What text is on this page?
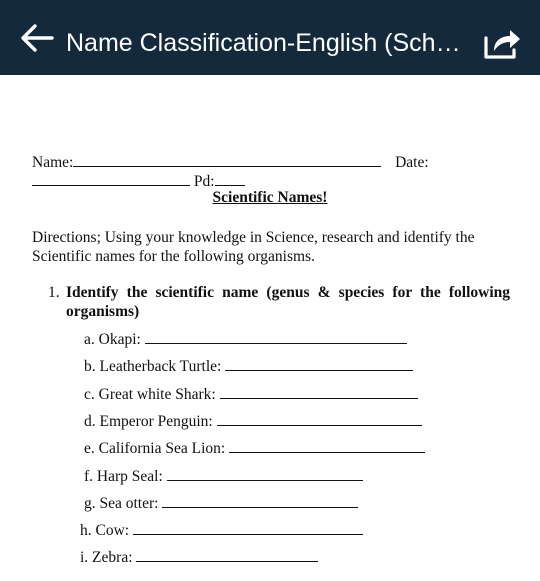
Name Classification-English (Sch…
Name:	Date:
Pd:
Scientific Names!
Directions; Using your knowledge in Science, research and identify the Scientific names for the following organisms.
1. Identify the scientific name (genus & species for the following organisms)
a. Okapi:
b. Leatherback Turtle:
c. Great white Shark:
d. Emperor Penguin:
e. California Sea Lion:
f. Harp Seal:
g. Sea otter:
h. Cow:
i. Zebra:
